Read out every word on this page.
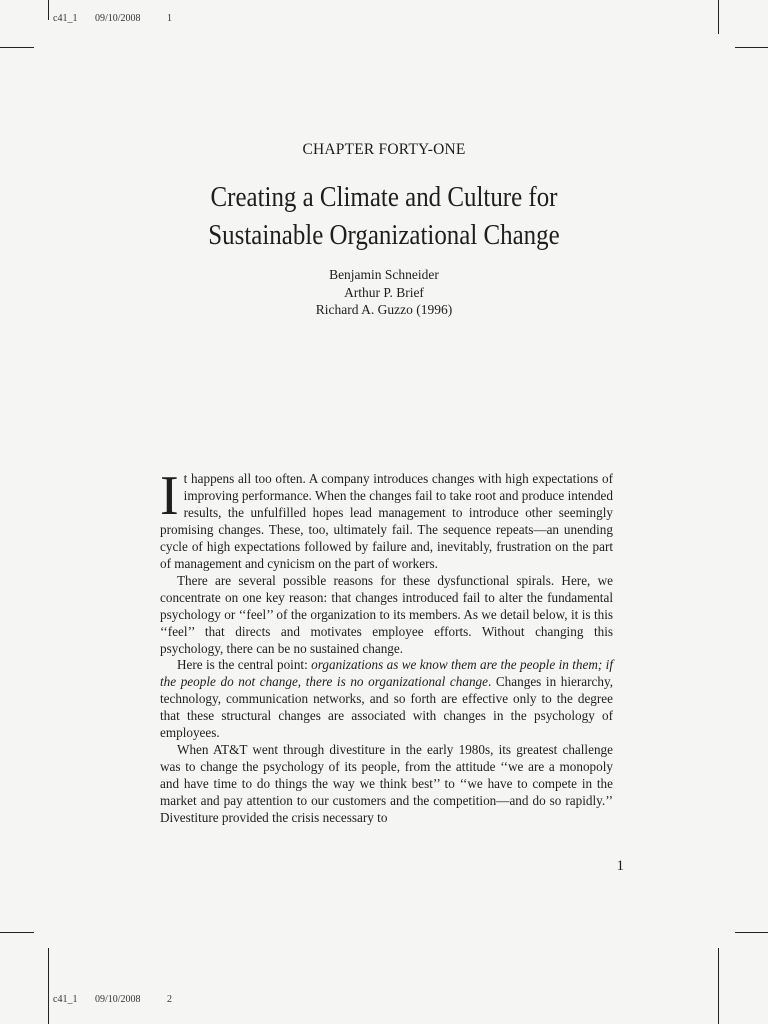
c41_1 09/10/2008	1

CHAPTER FORTY-ONE
Creating a Climate and Culture for
Sustainable Organizational Change
Benjamin Schneider
Arthur P. Brief
Richard A. Guzzo (1996)

It happens all too often. A company introduces changes with high expectations of improving performance. When the changes fail to take root and produce intended results, the unfulfilled hopes lead management to introduce other seemingly promising changes. These, too, ultimately fail. The sequence repeats—an unending cycle of high expectations followed by failure and, inevitably, frustration on the part of management and cynicism on the part of workers.

There are several possible reasons for these dysfunctional spirals. Here, we concentrate on one key reason: that changes introduced fail to alter the fundamental psychology or ‘‘feel’’ of the organization to its members. As we detail below, it is this ‘‘feel’’ that directs and motivates employee efforts. Without changing this psychology, there can be no sustained change.

Here is the central point: organizations as we know them are the people in them; if the people do not change, there is no organizational change. Changes in hierarchy, technology, communication networks, and so forth are effective only to the degree that these structural changes are associated with changes in the psychology of employees.

When AT&T went through divestiture in the early 1980s, its greatest challenge was to change the psychology of its people, from the attitude ‘‘we are a monopoly and have time to do things the way we think best’’ to ‘‘we have to compete in the market and pay attention to our customers and the competition—and do so rapidly.’’ Divestiture provided the crisis necessary to

1

c41_1 09/10/2008	2
